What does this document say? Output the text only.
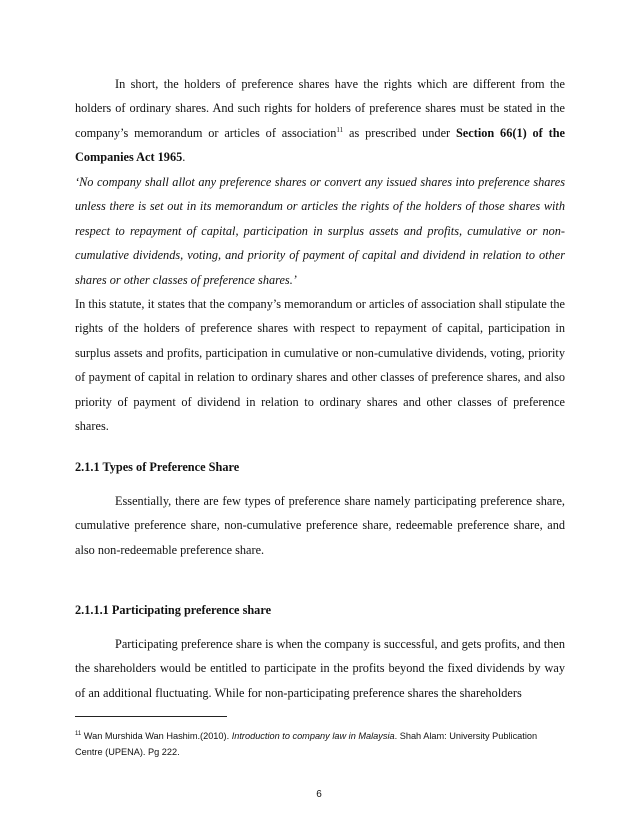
In short, the holders of preference shares have the rights which are different from the holders of ordinary shares. And such rights for holders of preference shares must be stated in the company’s memorandum or articles of association$^{11}$ as prescribed under Section 66(1) of the Companies Act 1965.
‘No company shall allot any preference shares or convert any issued shares into preference shares unless there is set out in its memorandum or articles the rights of the holders of those shares with respect to repayment of capital, participation in surplus assets and profits, cumulative or non-cumulative dividends, voting, and priority of payment of capital and dividend in relation to other shares or other classes of preference shares.’
In this statute, it states that the company’s memorandum or articles of association shall stipulate the rights of the holders of preference shares with respect to repayment of capital, participation in surplus assets and profits, participation in cumulative or non-cumulative dividends, voting, priority of payment of capital in relation to ordinary shares and other classes of preference shares, and also priority of payment of dividend in relation to ordinary shares and other classes of preference shares.
2.1.1 Types of Preference Share
Essentially, there are few types of preference share namely participating preference share, cumulative preference share, non-cumulative preference share, redeemable preference share, and also non-redeemable preference share.
2.1.1.1 Participating preference share
Participating preference share is when the company is successful, and gets profits, and then the shareholders would be entitled to participate in the profits beyond the fixed dividends by way of an additional fluctuating. While for non-participating preference shares the shareholders
$^{11}$ Wan Murshida Wan Hashim.(2010). Introduction to company law in Malaysia. Shah Alam: University Publication Centre (UPENA). Pg 222.
6
